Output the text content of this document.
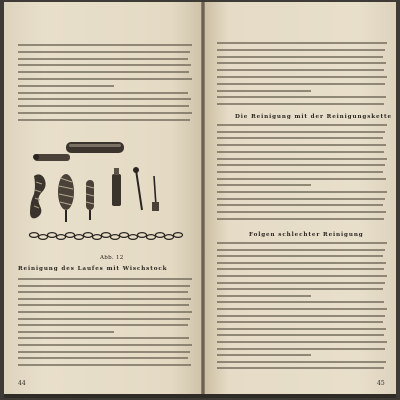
Abb. 12
Reinigung des Laufes mit Wischstock
44
Die Reinigung mit der Reinigungskette
Folgen schlechter Reinigung
45
